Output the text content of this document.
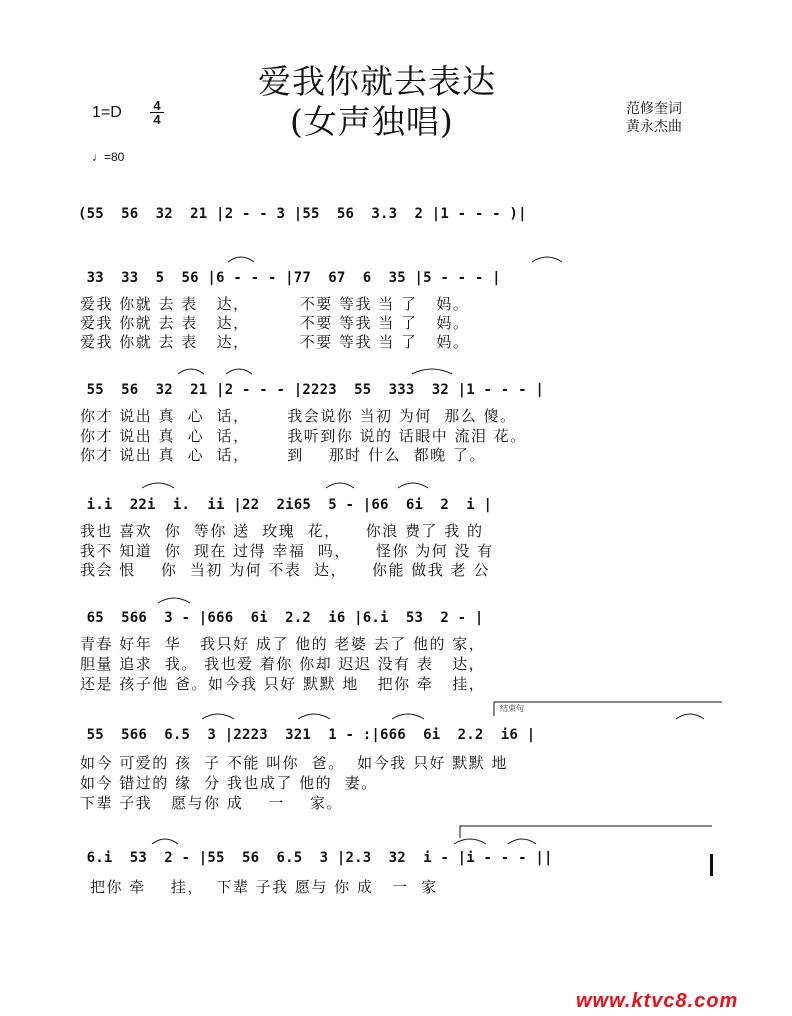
爱我你就去表达
(女声独唱)	范修奎词
黄永杰曲
1=D 4
4
♩=80
(55  56  32  21 |2 - - 3 |55  56  3.3  2 |1 - - - )|
33  33  5  56 |6 - - - |77  67  6  35 |5 - - - |
爱我 你就 去 表   达，        不要 等我 当 了   妈。
爱我 你就 去 表   达，        不要 等我 当 了   妈。
爱我 你就 去 表   达，        不要 等我 当 了   妈。
55  56  32  21 |2 - - - |2223  55  333  32 |1 - - - |
你才 说出 真  心  话，      我会说你 当初 为何  那么 傻。
你才 说出 真  心  话，      我听到你 说的 话眼中 流泪 花。
你才 说出 真  心  话，      到    那时 什么  都晚 了。
i.i  22i  i.  ii |22  2i65  5 - |66  6i  2  i |
我也 喜欢  你  等你 送  玫瑰  花，    你浪 费了 我 的
我不 知道  你  现在 过得 幸福  吗，    怪你 为何 没 有
我会 恨    你  当初 为何 不表  达，    你能 做我 老 公
65  566  3 - |666  6i  2.2  i6 |6.i  53  2 - |
青春 好年  华   我只好 成了 他的 老婆 去了 他的 家，
胆量 追求  我。 我也爱 着你 你却 迟迟 没有 表   达，
还是 孩子他 爸。如今我 只好 默默 地   把你 牵   挂，
结束句
55  566  6.5  3 |2223  321  1 - :|666  6i  2.2  i6 |
如今 可爱的 孩  子 不能 叫你  爸。  如今我 只好 默默 地
如今 错过的 缘  分 我也成了 他的  妻。
下辈 子我   愿与你 成    一    家。
6.i  53  2 - |55  56  6.5  3 |2.3  32  i - |i - - - ||
把你 牵    挂，  下辈 子我 愿与 你 成   一  家
www.ktvc8.com
